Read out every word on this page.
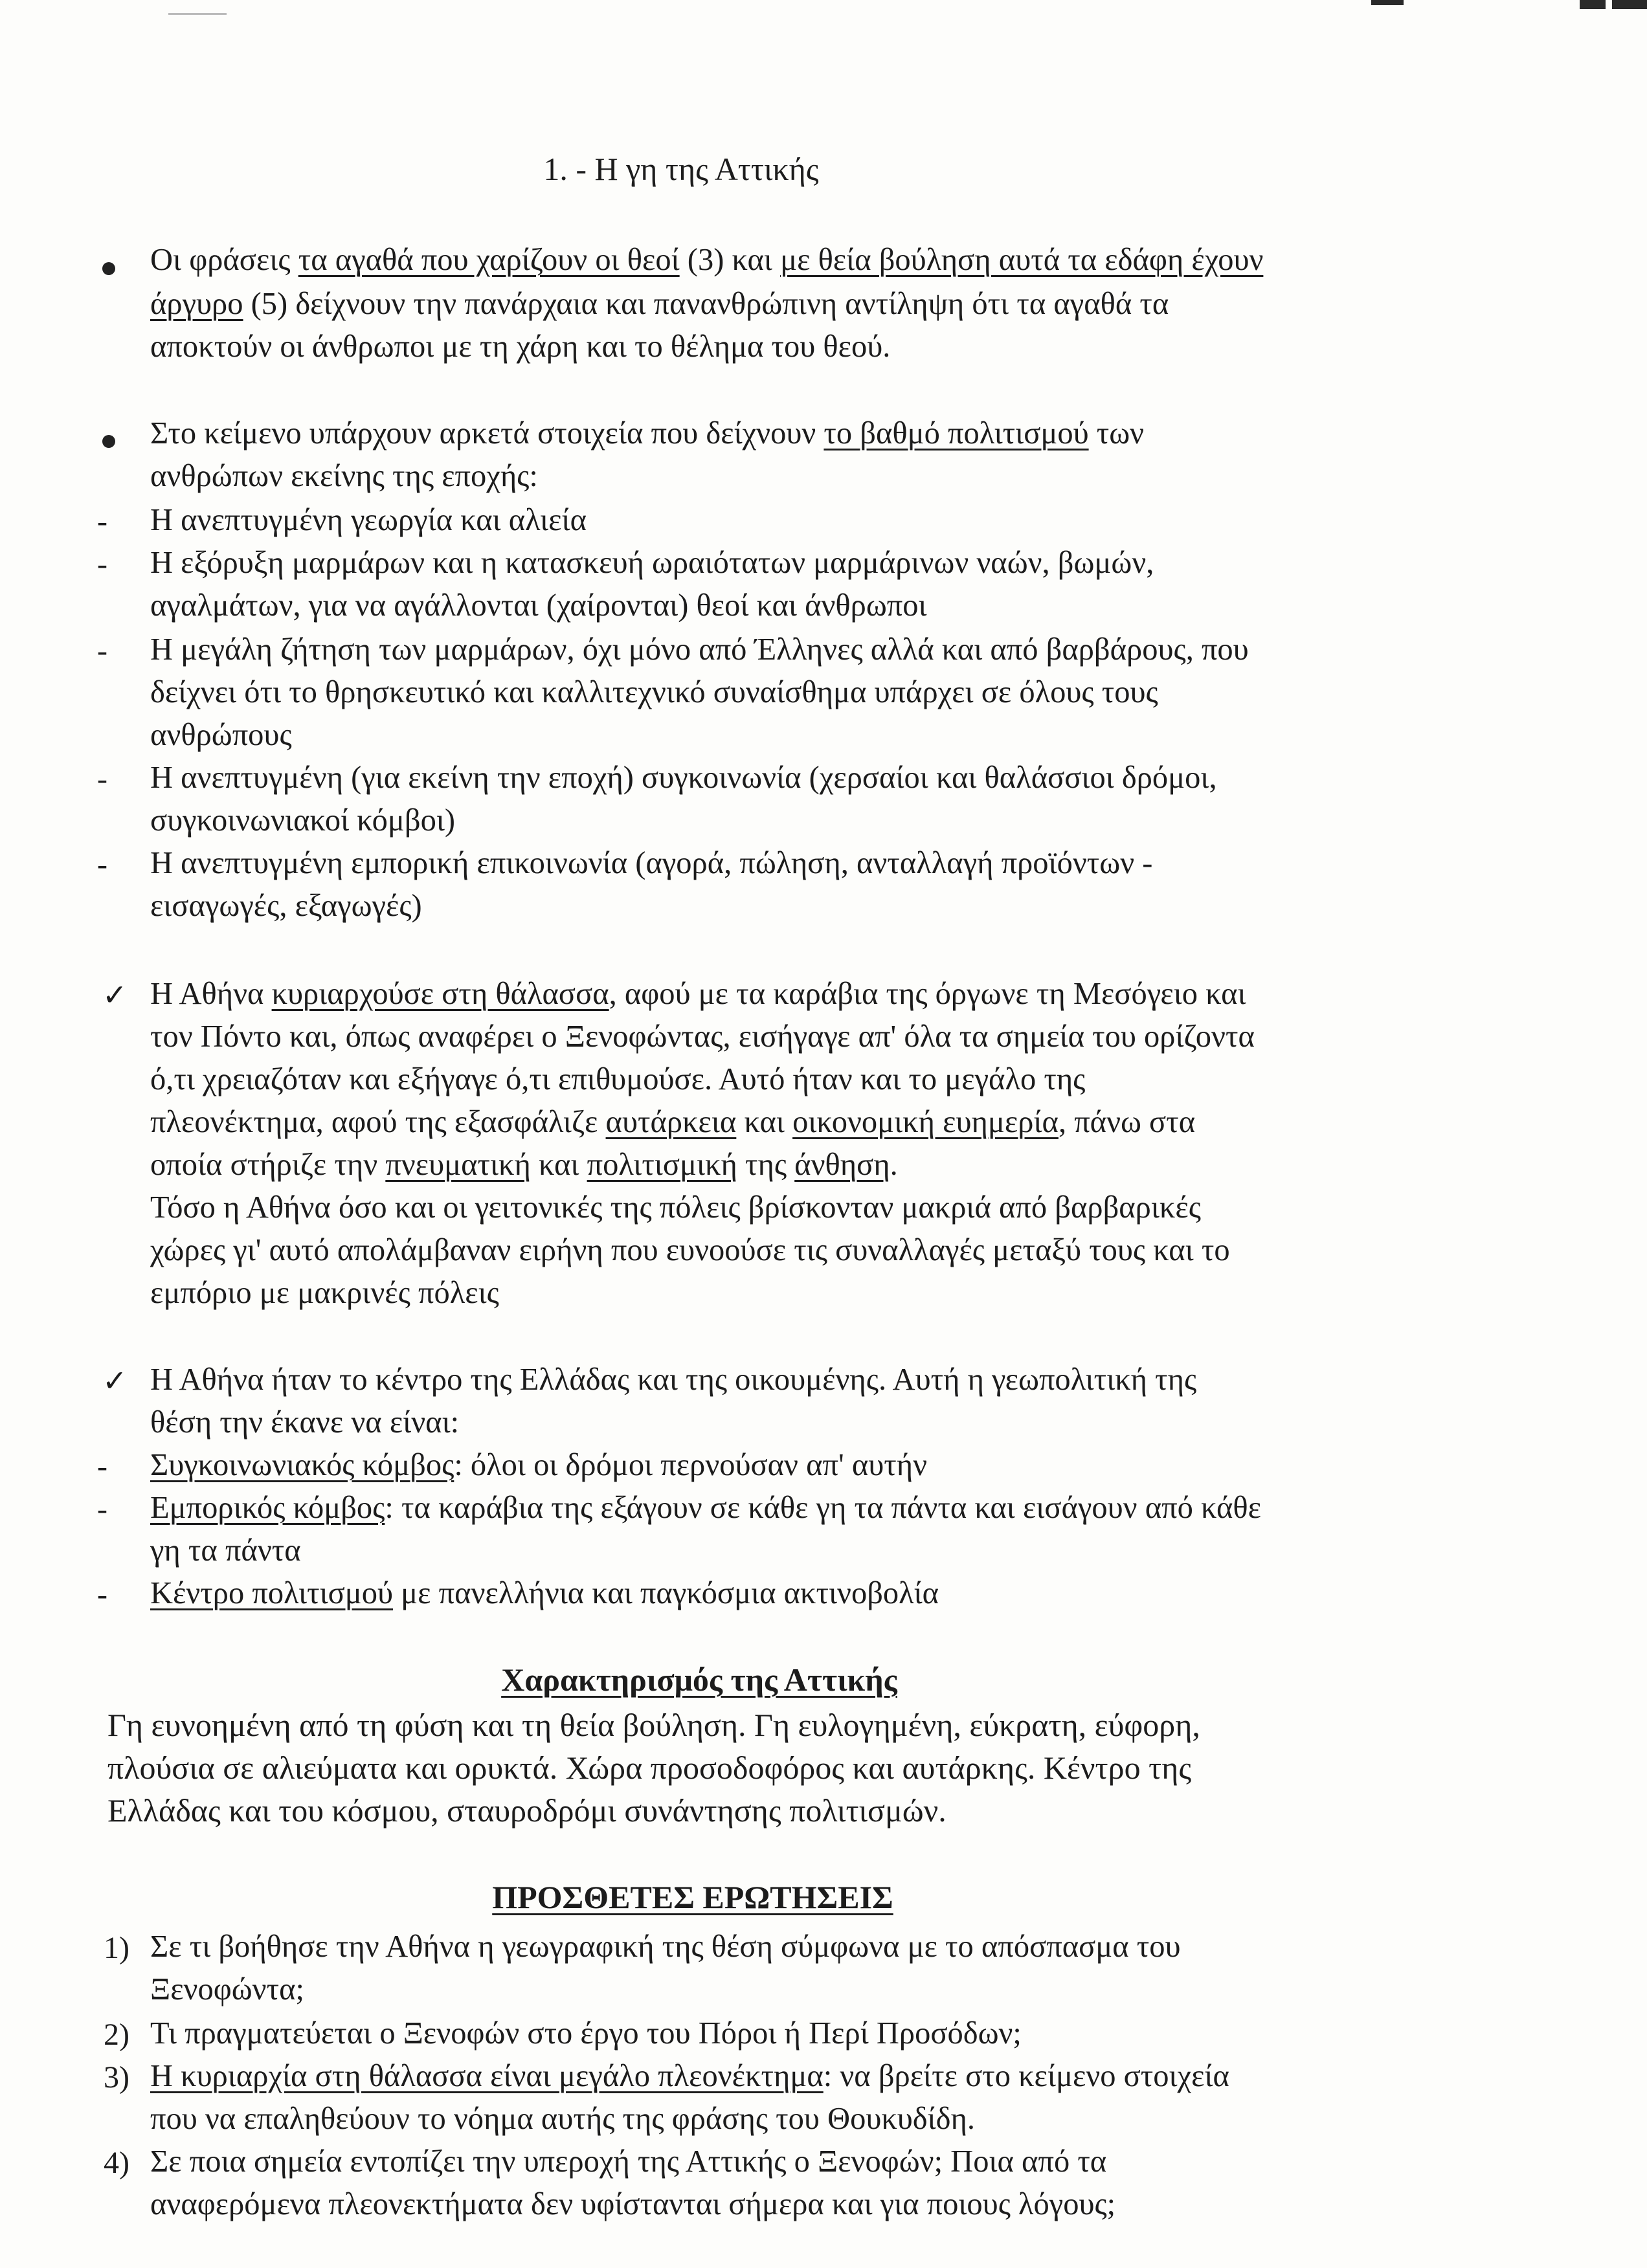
1. - Η γη της Αττικής
Οι φράσεις τα αγαθά που χαρίζουν οι θεοί (3) και με θεία βούληση αυτά τα εδάφη έχουν
άργυρο (5) δείχνουν την πανάρχαια και πανανθρώπινη αντίληψη ότι τα αγαθά τα
αποκτούν οι άνθρωποι με τη χάρη και το θέλημα του θεού.
Στο κείμενο υπάρχουν αρκετά στοιχεία που δείχνουν το βαθμό πολιτισμού των
ανθρώπων εκείνης της εποχής:
- Η ανεπτυγμένη γεωργία και αλιεία
- Η εξόρυξη μαρμάρων και η κατασκευή ωραιότατων μαρμάρινων ναών, βωμών,
αγαλμάτων, για να αγάλλονται (χαίρονται) θεοί και άνθρωποι
- Η μεγάλη ζήτηση των μαρμάρων, όχι μόνο από Έλληνες αλλά και από βαρβάρους, που
δείχνει ότι το θρησκευτικό και καλλιτεχνικό συναίσθημα υπάρχει σε όλους τους
ανθρώπους
- Η ανεπτυγμένη (για εκείνη την εποχή) συγκοινωνία (χερσαίοι και θαλάσσιοι δρόμοι,
συγκοινωνιακοί κόμβοι)
- Η ανεπτυγμένη εμπορική επικοινωνία (αγορά, πώληση, ανταλλαγή προϊόντων -
εισαγωγές, εξαγωγές)
✓ Η Αθήνα κυριαρχούσε στη θάλασσα, αφού με τα καράβια της όργωνε τη Μεσόγειο και
τον Πόντο και, όπως αναφέρει ο Ξενοφώντας, εισήγαγε απ' όλα τα σημεία του ορίζοντα
ό,τι χρειαζόταν και εξήγαγε ό,τι επιθυμούσε. Αυτό ήταν και το μεγάλο της
πλεονέκτημα, αφού της εξασφάλιζε αυτάρκεια και οικονομική ευημερία, πάνω στα
οποία στήριζε την πνευματική και πολιτισμική της άνθηση.
Τόσο η Αθήνα όσο και οι γειτονικές της πόλεις βρίσκονταν μακριά από βαρβαρικές
χώρες γι' αυτό απολάμβαναν ειρήνη που ευνοούσε τις συναλλαγές μεταξύ τους και το
εμπόριο με μακρινές πόλεις
✓ Η Αθήνα ήταν το κέντρο της Ελλάδας και της οικουμένης. Αυτή η γεωπολιτική της
θέση την έκανε να είναι:
- Συγκοινωνιακός κόμβος: όλοι οι δρόμοι περνούσαν απ' αυτήν
- Εμπορικός κόμβος: τα καράβια της εξάγουν σε κάθε γη τα πάντα και εισάγουν από κάθε
γη τα πάντα
- Κέντρο πολιτισμού με πανελλήνια και παγκόσμια ακτινοβολία
Χαρακτηρισμός της Αττικής
Γη ευνοημένη από τη φύση και τη θεία βούληση. Γη ευλογημένη, εύκρατη, εύφορη,
πλούσια σε αλιεύματα και ορυκτά. Χώρα προσοδοφόρος και αυτάρκης. Κέντρο της
Ελλάδας και του κόσμου, σταυροδρόμι συνάντησης πολιτισμών.
ΠΡΟΣΘΕΤΕΣ ΕΡΩΤΗΣΕΙΣ
1) Σε τι βοήθησε την Αθήνα η γεωγραφική της θέση σύμφωνα με το απόσπασμα του
Ξενοφώντα;
2) Τι πραγματεύεται ο Ξενοφών στο έργο του Πόροι ή Περί Προσόδων;
3) Η κυριαρχία στη θάλασσα είναι μεγάλο πλεονέκτημα: να βρείτε στο κείμενο στοιχεία
που να επαληθεύουν το νόημα αυτής της φράσης του Θουκυδίδη.
4) Σε ποια σημεία εντοπίζει την υπεροχή της Αττικής ο Ξενοφών; Ποια από τα
αναφερόμενα πλεονεκτήματα δεν υφίστανται σήμερα και για ποιους λόγους;
